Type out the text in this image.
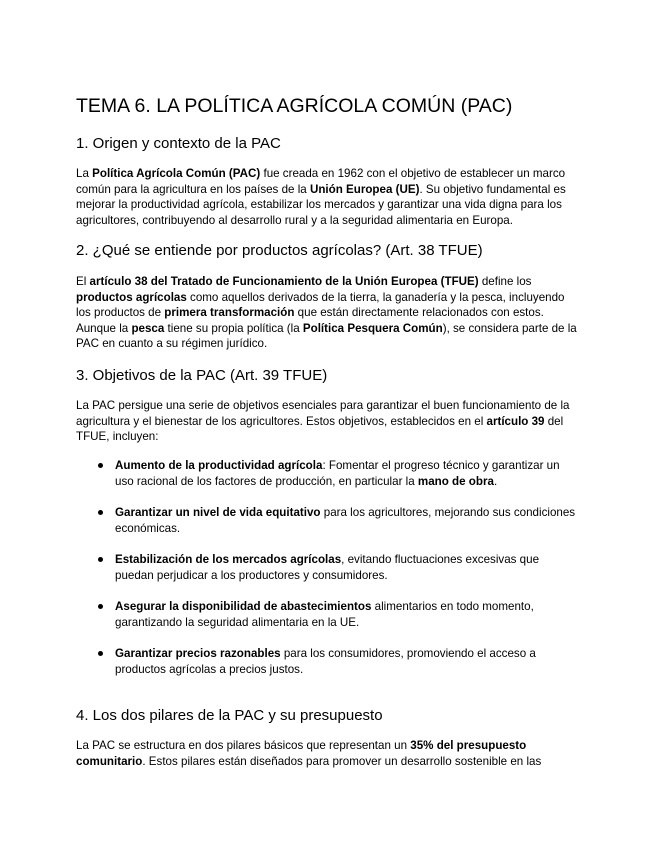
TEMA 6. LA POLÍTICA AGRÍCOLA COMÚN (PAC)
1. Origen y contexto de la PAC

La Política Agrícola Común (PAC) fue creada en 1962 con el objetivo de establecer un marco común para la agricultura en los países de la Unión Europea (UE). Su objetivo fundamental es mejorar la productividad agrícola, estabilizar los mercados y garantizar una vida digna para los agricultores, contribuyendo al desarrollo rural y a la seguridad alimentaria en Europa.

2. ¿Qué se entiende por productos agrícolas? (Art. 38 TFUE)

El artículo 38 del Tratado de Funcionamiento de la Unión Europea (TFUE) define los productos agrícolas como aquellos derivados de la tierra, la ganadería y la pesca, incluyendo los productos de primera transformación que están directamente relacionados con estos. Aunque la pesca tiene su propia política (la Política Pesquera Común), se considera parte de la PAC en cuanto a su régimen jurídico.

3. Objetivos de la PAC (Art. 39 TFUE)

La PAC persigue una serie de objetivos esenciales para garantizar el buen funcionamiento de la agricultura y el bienestar de los agricultores. Estos objetivos, establecidos en el artículo 39 del TFUE, incluyen:

Aumento de la productividad agrícola: Fomentar el progreso técnico y garantizar un uso racional de los factores de producción, en particular la mano de obra.
Garantizar un nivel de vida equitativo para los agricultores, mejorando sus condiciones económicas.
Estabilización de los mercados agrícolas, evitando fluctuaciones excesivas que puedan perjudicar a los productores y consumidores.
Asegurar la disponibilidad de abastecimientos alimentarios en todo momento, garantizando la seguridad alimentaria en la UE.
Garantizar precios razonables para los consumidores, promoviendo el acceso a productos agrícolas a precios justos.
4. Los dos pilares de la PAC y su presupuesto

La PAC se estructura en dos pilares básicos que representan un 35% del presupuesto comunitario. Estos pilares están diseñados para promover un desarrollo sostenible en las
